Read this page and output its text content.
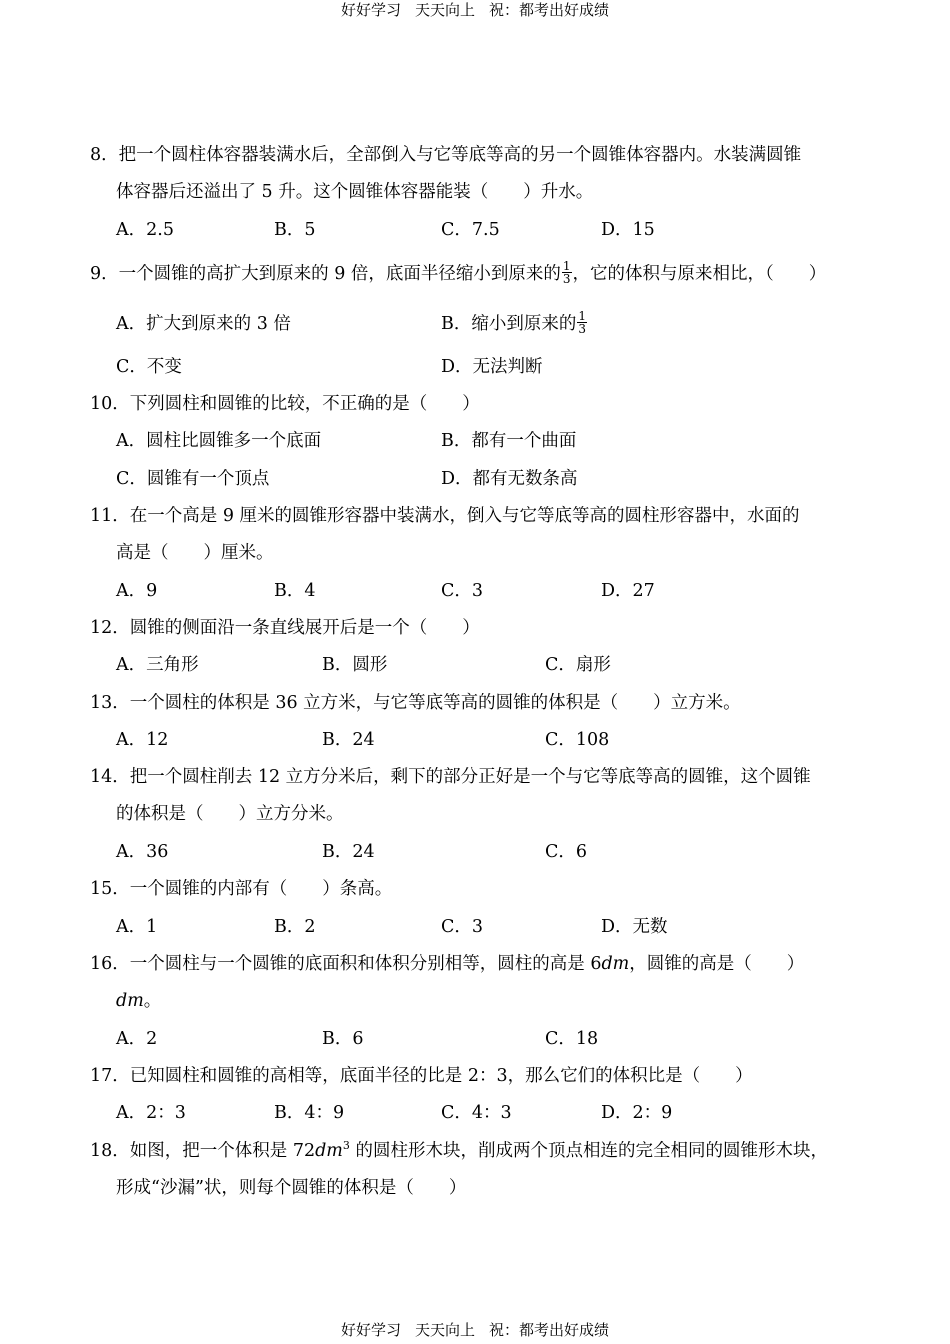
好好学习 天天向上 祝：都考出好成绩
8．把一个圆柱体容器装满水后，全部倒入与它等底等高的另一个圆锥体容器内。水装满圆锥
体容器后还溢出了 5 升。这个圆锥体容器能装（　　）升水。
A．2.5	B．5	C．7.5	D．15
9．一个圆锥的高扩大到原来的 9 倍，底面半径缩小到原来的 $\frac{1}{3}$ ，它的体积与原来相比，（　　）
A．扩大到原来的 3 倍	B．缩小到原来的 $\frac{1}{3}$
C．不变	D．无法判断
10．下列圆柱和圆锥的比较，不正确的是（　　）
A．圆柱比圆锥多一个底面	B．都有一个曲面
C．圆锥有一个顶点	D．都有无数条高
11．在一个高是 9 厘米的圆锥形容器中装满水，倒入与它等底等高的圆柱形容器中，水面的
高是（　　）厘米。
A．9	B．4	C．3	D．27
12．圆锥的侧面沿一条直线展开后是一个（　　）
A．三角形	B．圆形	C．扇形
13．一个圆柱的体积是 36 立方米，与它等底等高的圆锥的体积是（　　）立方米。
A．12	B．24	C．108
14．把一个圆柱削去 12 立方分米后，剩下的部分正好是一个与它等底等高的圆锥，这个圆锥
的体积是（　　）立方分米。
A．36	B．24	C．6
15．一个圆锥的内部有（　　）条高。
A．1	B．2	C．3	D．无数
16．一个圆柱与一个圆锥的底面积和体积分别相等，圆柱的高是 6dm，圆锥的高是（　　）
dm。
A．2	B．6	C．18
17．已知圆柱和圆锥的高相等，底面半径的比是 2：3，那么它们的体积比是（　　）
A．2：3	B．4：9	C．4：3	D．2：9
18．如图，把一个体积是 $72dm^3$ 的圆柱形木块，削成两个顶点相连的完全相同的圆锥形木块，
形成“沙漏”状，则每个圆锥的体积是（　　）
好好学习 天天向上 祝：都考出好成绩
